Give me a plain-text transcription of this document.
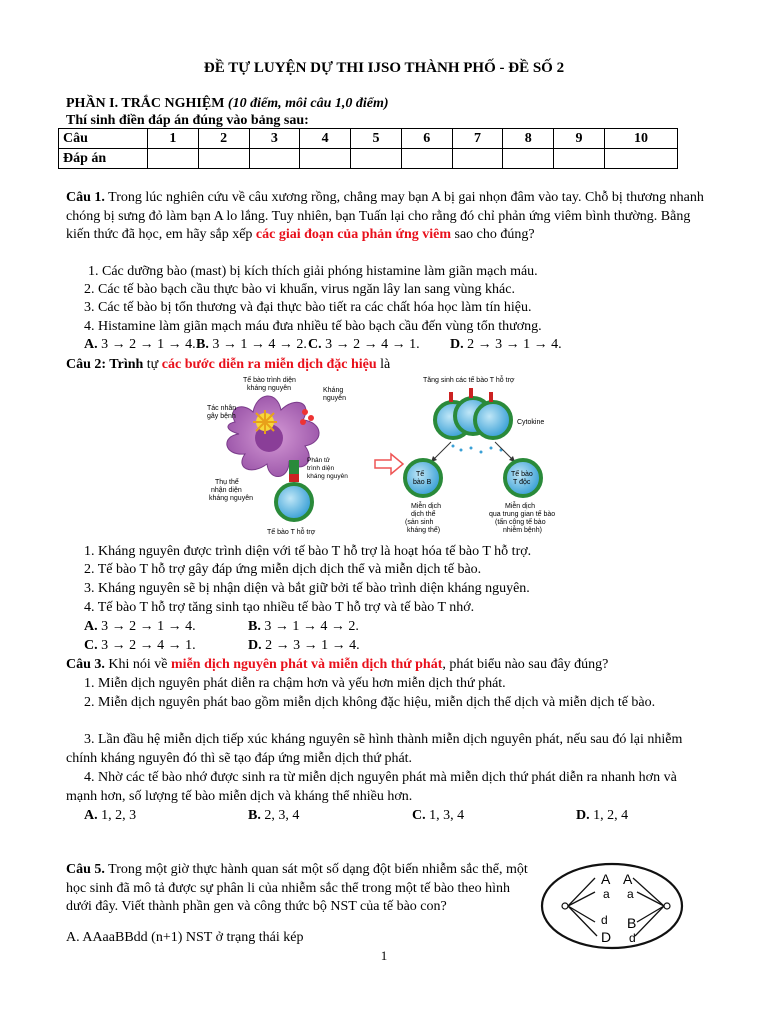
ĐỀ TỰ LUYỆN DỰ THI IJSO THÀNH PHỐ - ĐỀ SỐ 2
PHẦN I. TRẮC NGHIỆM (10 điểm, môi câu 1,0 điểm)
Thí sinh điền đáp án đúng vào bảng sau:
Câu	1	2	3	4	5	6	7	8	9	10
Đáp án										
Câu 1. Trong lúc nghiên cứu về câu xương rồng, chẳng may bạn A bị gai nhọn đâm vào tay. Chỗ bị thương nhanh chóng bị sưng đỏ làm bạn A lo lắng. Tuy nhiên, bạn Tuấn lại cho rằng đó chỉ phản ứng viêm bình thường. Bằng kiến thức đã học, em hãy sắp xếp các giai đoạn của phản ứng viêm sao cho đúng?
1. Các dưỡng bào (mast) bị kích thích giải phóng histamine làm giãn mạch máu.
2. Các tế bào bạch cầu thực bào vi khuẩn, virus ngăn lây lan sang vùng khác.
3. Các tế bào bị tổn thương và đại thực bào tiết ra các chất hóa học làm tín hiệu.
4. Histamine làm giãn mạch máu đưa nhiều tế bào bạch cầu đến vùng tổn thương.
A. 3 → 2 → 1 → 4. B. 3 → 1 → 4 → 2. C. 3 → 2 → 4 → 1. D. 2 → 3 → 1 → 4.
Câu 2: Trình tự các bước diễn ra miễn dịch đặc hiệu là
Tế bào trình diện
kháng nguyên	Kháng
nguyên
Tác nhân
gây bệnh
Phân tử
trình diện
kháng nguyên
Thụ thể
nhận diện
kháng nguyên
Tế bào T hỗ trợ
Tăng sinh các tế bào T hỗ trợ
Cytokine
Tế
bào B
Tế bào
T độc
Miễn dịch
dịch thể
(sản sinh
kháng thể)
Miễn dịch
qua trung gian tế bào
(tấn công tế bào
nhiễm bệnh)
1. Kháng nguyên được trình diện với tế bào T hỗ trợ là hoạt hóa tế bào T hỗ trợ.
2. Tế bào T hỗ trợ gây đáp ứng miễn dịch dịch thể và miễn dịch tế bào.
3. Kháng nguyên sẽ bị nhận diện và bắt giữ bởi tế bào trình diện kháng nguyên.
4. Tế bào T hỗ trợ tăng sinh tạo nhiều tế bào T hỗ trợ và tế bào T nhớ.
A. 3 → 2 → 1 → 4.	B. 3 → 1 → 4 → 2.
C. 3 → 2 → 4 → 1.	D. 2 → 3 → 1 → 4.
Câu 3. Khi nói về miễn dịch nguyên phát và miễn dịch thứ phát, phát biểu nào sau đây đúng?
1. Miễn dịch nguyên phát diễn ra chậm hơn và yếu hơn miễn dịch thứ phát.
2. Miễn dịch nguyên phát bao gồm miễn dịch không đặc hiệu, miễn dịch thể dịch và miễn dịch tế bào.
3. Lần đầu hệ miễn dịch tiếp xúc kháng nguyên sẽ hình thành miễn dịch nguyên phát, nếu sau đó lại nhiễm chính kháng nguyên đó thì sẽ tạo đáp ứng miễn dịch thứ phát.
4. Nhờ các tế bào nhớ được sinh ra từ miễn dịch nguyên phát mà miễn dịch thứ phát diễn ra nhanh hơn và mạnh hơn, số lượng tế bào miễn dịch và kháng thể nhiều hơn.
A. 1, 2, 3	B. 2, 3, 4	C. 1, 3, 4	D. 1, 2, 4
Câu 5. Trong một giờ thực hành quan sát một số dạng đột biến nhiễm sắc thể, một học sinh đã mô tả được sự phân li của nhiễm sắc thể trong một tế bào theo hình dưới đây. Viết thành phần gen và công thức bộ NST của tế bào con?
A. AAaaBBdd (n+1) NST ở trạng thái kép
A A
a a
d B
D d
1
